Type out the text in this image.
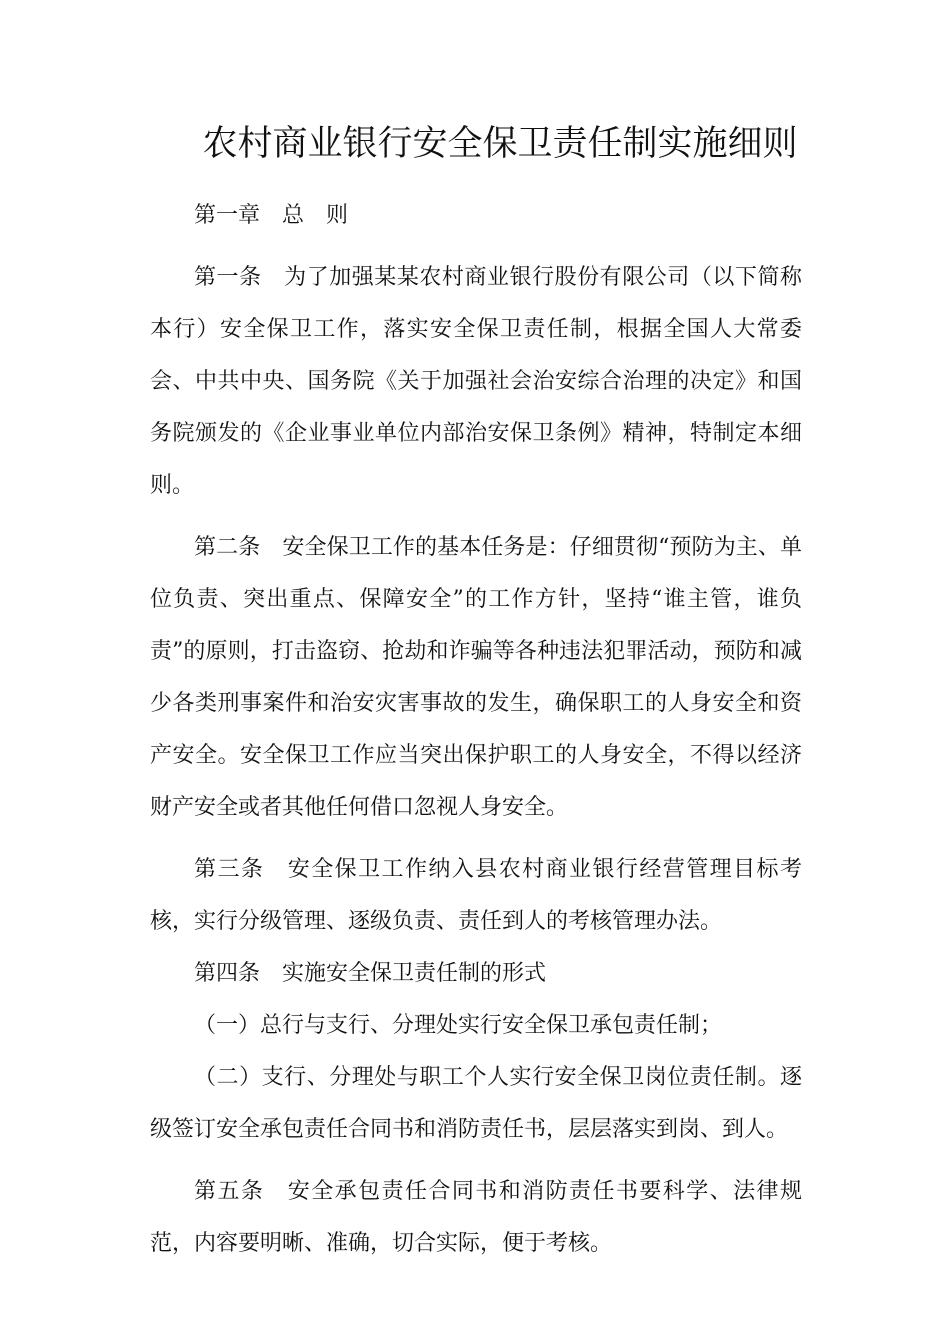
农村商业银行安全保卫责任制实施细则

第一章　总　则

第一条　为了加强某某农村商业银行股份有限公司（以下简称本行）安全保卫工作，落实安全保卫责任制，根据全国人大常委会、中共中央、国务院《关于加强社会治安综合治理的决定》和国务院颁发的《企业事业单位内部治安保卫条例》精神，特制定本细则。

第二条　安全保卫工作的基本任务是：仔细贯彻“预防为主、单位负责、突出重点、保障安全”的工作方针，坚持“谁主管，谁负责”的原则，打击盗窃、抢劫和诈骗等各种违法犯罪活动，预防和减少各类刑事案件和治安灾害事故的发生，确保职工的人身安全和资产安全。安全保卫工作应当突出保护职工的人身安全，不得以经济财产安全或者其他任何借口忽视人身安全。

第三条　安全保卫工作纳入县农村商业银行经营管理目标考核，实行分级管理、逐级负责、责任到人的考核管理办法。

第四条　实施安全保卫责任制的形式

（一）总行与支行、分理处实行安全保卫承包责任制；

（二）支行、分理处与职工个人实行安全保卫岗位责任制。逐级签订安全承包责任合同书和消防责任书，层层落实到岗、到人。

第五条　安全承包责任合同书和消防责任书要科学、法律规范，内容要明晰、准确，切合实际，便于考核。
